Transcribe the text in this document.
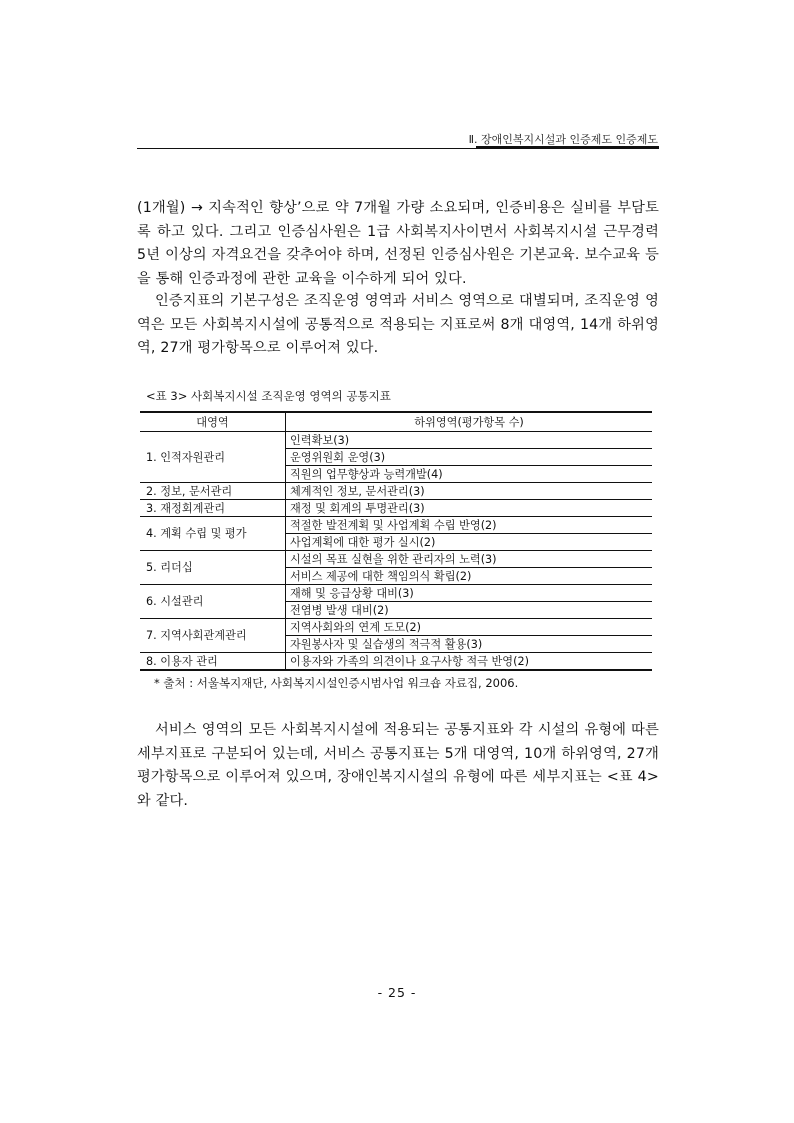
Ⅱ. 장애인복지시설과 인증제도 인증제도

(1개월) → 지속적인 향상’으로 약 7개월 가량 소요되며, 인증비용은 실비를 부담토록 하고 있다. 그리고 인증심사원은 1급 사회복지사이면서 사회복지시설 근무경력 5년 이상의 자격요건을 갖추어야 하며, 선정된 인증심사원은 기본교육. 보수교육 등을 통해 인증과정에 관한 교육을 이수하게 되어 있다.

인증지표의 기본구성은 조직운영 영역과 서비스 영역으로 대별되며, 조직운영 영역은 모든 사회복지시설에 공통적으로 적용되는 지표로써 8개 대영역, 14개 하위영역, 27개 평가항목으로 이루어져 있다.

<표 3> 사회복지시설 조직운영 영역의 공통지표
대영역	하위영역(평가항목 수)
1. 인적자원관리	인력확보(3)
	운영위원회 운영(3)
	직원의 업무향상과 능력개발(4)
2. 정보, 문서관리	체계적인 정보, 문서관리(3)
3. 재정회계관리	재정 및 회계의 투명관리(3)
4. 계획 수립 및 평가	적절한 발전계획 및 사업계획 수립 반영(2)
	사업계획에 대한 평가 실시(2)
5. 리더십	시설의 목표 실현을 위한 관리자의 노력(3)
	서비스 제공에 대한 책임의식 확립(2)
6. 시설관리	재해 및 응급상황 대비(3)
	전염병 발생 대비(2)
7. 지역사회관계관리	지역사회와의 연계 도모(2)
	자원봉사자 및 실습생의 적극적 활용(3)
8. 이용자 관리	이용자와 가족의 의견이나 요구사항 적극 반영(2)
* 출처 : 서울복지재단, 사회복지시설인증시범사업 워크숍 자료집, 2006.

서비스 영역의 모든 사회복지시설에 적용되는 공통지표와 각 시설의 유형에 따른 세부지표로 구분되어 있는데, 서비스 공통지표는 5개 대영역, 10개 하위영역, 27개 평가항목으로 이루어져 있으며, 장애인복지시설의 유형에 따른 세부지표는 <표 4>와 같다.

- 25 -
